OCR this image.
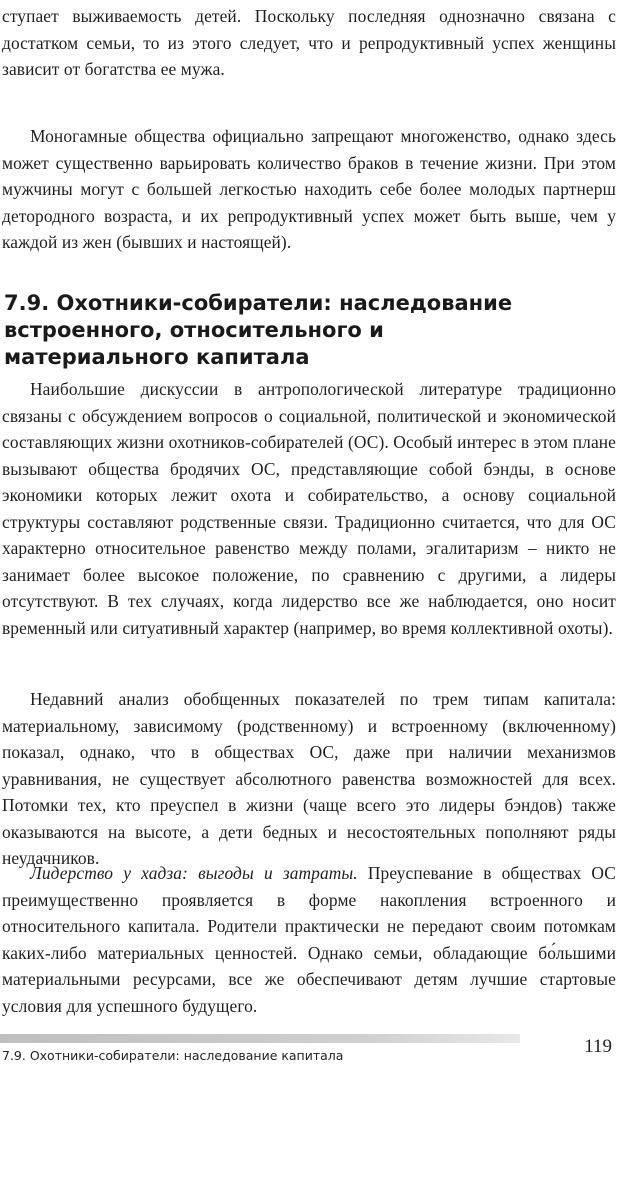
ступает выживаемость детей. Поскольку последняя однозначно связана с достатком семьи, то из этого следует, что и репродуктивный успех женщины зависит от богатства ее мужа.

Моногамные общества официально запрещают многоженство, однако здесь может существенно варьировать количество браков в течение жизни. При этом мужчины могут с большей легкостью находить себе более молодых партнерш детородного возраста, и их репродуктивный успех может быть выше, чем у каждой из жен (бывших и настоящей).

7.9. Охотники-собиратели: наследование встроенного, относительного и материального капитала

Наибольшие дискуссии в антропологической литературе традиционно связаны с обсуждением вопросов о социальной, политической и экономической составляющих жизни охотников-собирателей (ОС). Особый интерес в этом плане вызывают общества бродячих ОС, представляющие собой бэнды, в основе экономики которых лежит охота и собирательство, а основу социальной структуры составляют родственные связи. Традиционно считается, что для ОС характерно относительное равенство между полами, эгалитаризм – никто не занимает более высокое положение, по сравнению с другими, а лидеры отсутствуют. В тех случаях, когда лидерство все же наблюдается, оно носит временный или ситуативный характер (например, во время коллективной охоты).

Недавний анализ обобщенных показателей по трем типам капитала: материальному, зависимому (родственному) и встроенному (включенному) показал, однако, что в обществах ОС, даже при наличии механизмов уравнивания, не существует абсолютного равенства возможностей для всех. Потомки тех, кто преуспел в жизни (чаще всего это лидеры бэндов) также оказываются на высоте, а дети бедных и несостоятельных пополняют ряды неудачников.

Лидерство у хадза: выгоды и затраты. Преуспевание в обществах ОС преимущественно проявляется в форме накопления встроенного и относительного капитала. Родители практически не передают своим потомкам каких-либо материальных ценностей. Однако семьи, обладающие бо́льшими материальными ресурсами, все же обеспечивают детям лучшие стартовые условия для успешного будущего.

7.9. Охотники-собиратели: наследование капитала	119
